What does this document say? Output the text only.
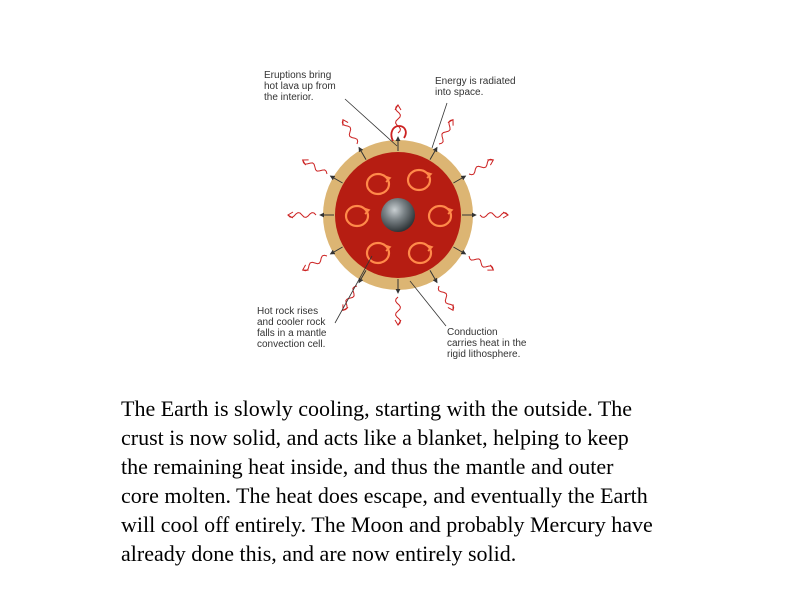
Eruptions bring
hot lava up from
the interior.
Energy is radiated
into space.
Hot rock rises
and cooler rock
falls in a mantle
convection cell.
Conduction
carries heat in the
rigid lithosphere.
The Earth is slowly cooling, starting with the outside. The
crust is now solid, and acts like a blanket, helping to keep
the remaining heat inside, and thus the mantle and outer
core molten. The heat does escape, and eventually the Earth
will cool off entirely. The Moon and probably Mercury have
already done this, and are now entirely solid.
